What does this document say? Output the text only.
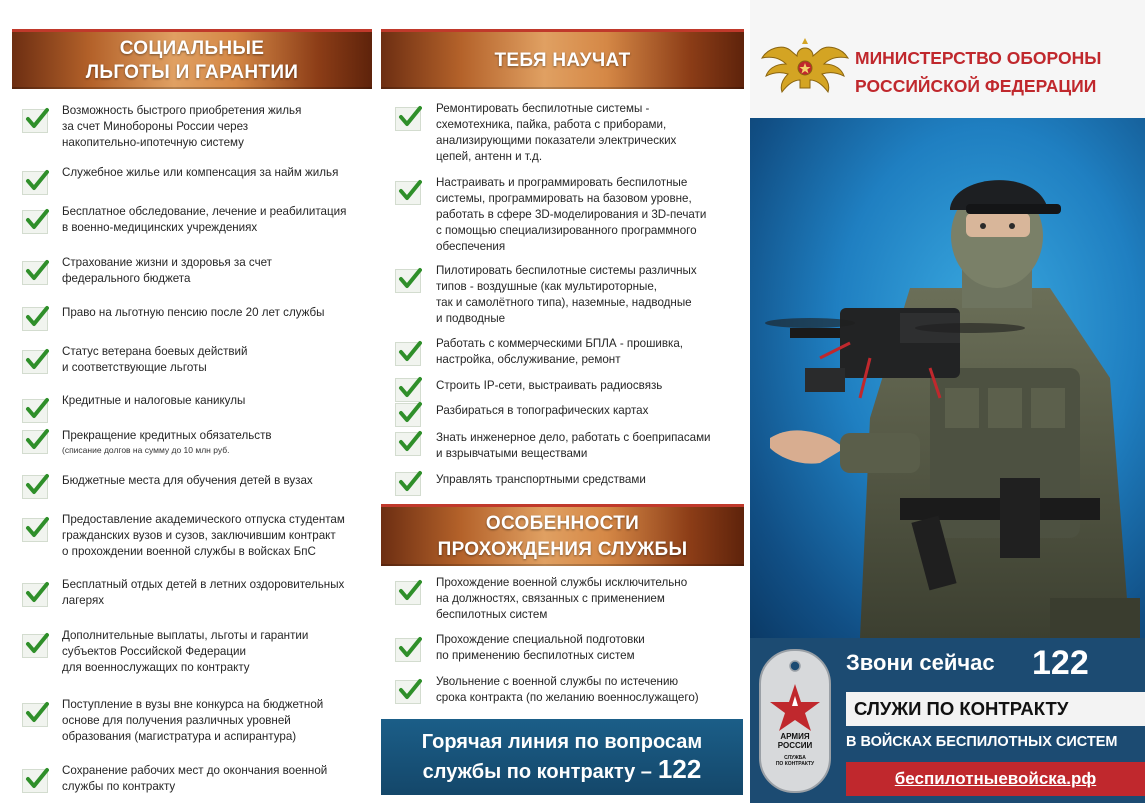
СОЦИАЛЬНЫЕ
ЛЬГОТЫ И ГАРАНТИИ
Возможность быстрого приобретения жилья
за счет Минобороны России через
накопительно-ипотечную систему
Служебное жилье или компенсация за найм жилья
Бесплатное обследование, лечение и реабилитация
в военно-медицинских учреждениях
Страхование жизни и здоровья за счет
федерального бюджета
Право на льготную пенсию после 20 лет службы
Статус ветерана боевых действий
и соответствующие льготы
Кредитные и налоговые каникулы
Прекращение кредитных обязательств
(списание долгов на сумму до 10 млн руб.
Бюджетные места для обучения детей в вузах
Предоставление академического отпуска студентам
гражданских вузов и сузов, заключившим контракт
о прохождении военной службы в войсках БпС
Бесплатный отдых детей в летних оздоровительных
лагерях
Дополнительные выплаты, льготы и гарантии
субъектов Российской Федерации
для военнослужащих по контракту
Поступление в вузы вне конкурса на бюджетной
основе для получения различных уровней
образования (магистратура и аспирантура)
Сохранение рабочих мест до окончания военной
службы по контракту
ТЕБЯ НАУЧАТ
Ремонтировать беспилотные системы -
схемотехника, пайка, работа с приборами,
анализирующими показатели электрических
цепей, антенн и т.д.
Настраивать и программировать беспилотные
системы, программировать на базовом уровне,
работать в сфере 3D-моделирования и 3D-печати
с помощью специализированного программного
обеспечения
Пилотировать беспилотные системы различных
типов - воздушные (как мультироторные,
так и самолётного типа), наземные, надводные
и подводные
Работать с коммерческими БПЛА - прошивка,
настройка, обслуживание, ремонт
Строить IP-сети, выстраивать радиосвязь
Разбираться в топографических картах
Знать инженерное дело, работать с боеприпасами
и взрывчатыми веществами
Управлять транспортными средствами
ОСОБЕННОСТИ
ПРОХОЖДЕНИЯ СЛУЖБЫ
Прохождение военной службы исключительно
на должностях, связанных с применением
беспилотных систем
Прохождение специальной подготовки
по применению беспилотных систем
Увольнение с военной службы по истечению
срока контракта (по желанию военнослужащего)
Горячая линия по вопросам
службы по контракту – 122
МИНИСТЕРСТВО ОБОРОНЫ
РОССИЙСКОЙ ФЕДЕРАЦИИ
АРМИЯ
РОССИИ
СЛУЖБА
ПО КОНТРАКТУ
Звони сейчас 122
СЛУЖИ ПО КОНТРАКТУ
В ВОЙСКАХ БЕСПИЛОТНЫХ СИСТЕМ
беспилотныевойска.рф
